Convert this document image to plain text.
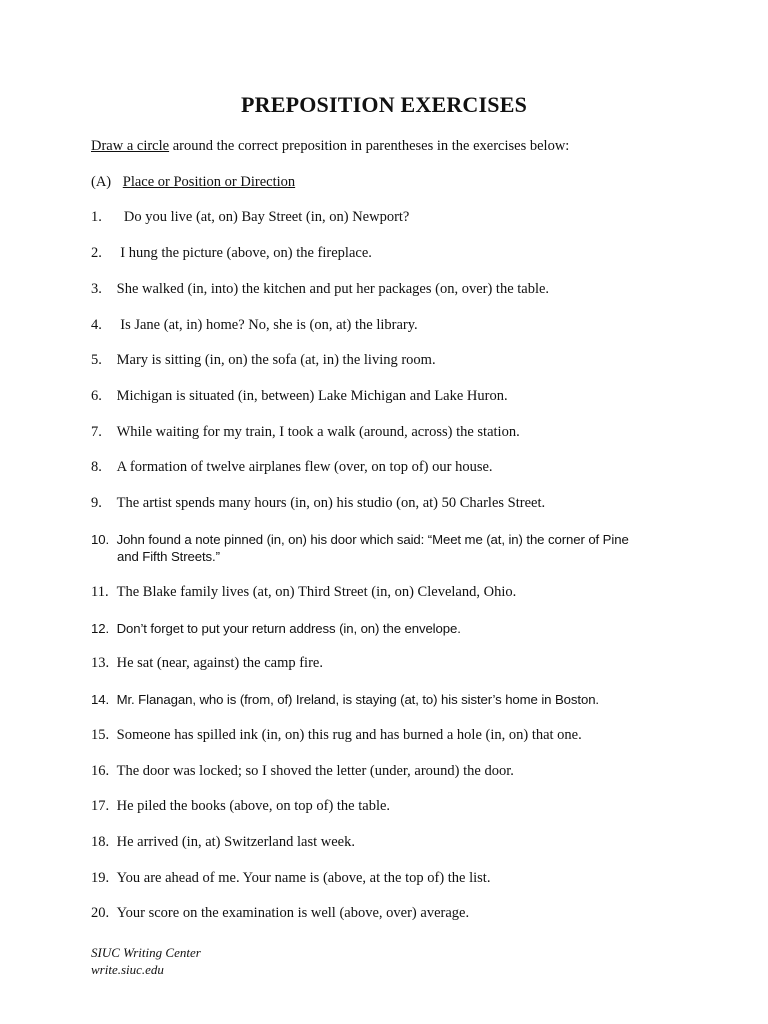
PREPOSITION EXERCISES
Draw a circle around the correct preposition in parentheses in the exercises below:
(A) Place or Position or Direction
1. Do you live (at, on) Bay Street (in, on) Newport?
2. I hung the picture (above, on) the fireplace.
3. She walked (in, into) the kitchen and put her packages (on, over) the table.
4. Is Jane (at, in) home? No, she is (on, at) the library.
5. Mary is sitting (in, on) the sofa (at, in) the living room.
6. Michigan is situated (in, between) Lake Michigan and Lake Huron.
7. While waiting for my train, I took a walk (around, across) the station.
8. A formation of twelve airplanes flew (over, on top of) our house.
9. The artist spends many hours (in, on) his studio (on, at) 50 Charles Street.
10. John found a note pinned (in, on) his door which said: “Meet me (at, in) the corner of Pine
and Fifth Streets.”
11. The Blake family lives (at, on) Third Street (in, on) Cleveland, Ohio.
12. Don’t forget to put your return address (in, on) the envelope.
13. He sat (near, against) the camp fire.
14. Mr. Flanagan, who is (from, of) Ireland, is staying (at, to) his sister’s home in Boston.
15. Someone has spilled ink (in, on) this rug and has burned a hole (in, on) that one.
16. The door was locked; so I shoved the letter (under, around) the door.
17. He piled the books (above, on top of) the table.
18. He arrived (in, at) Switzerland last week.
19. You are ahead of me. Your name is (above, at the top of) the list.
20. Your score on the examination is well (above, over) average.
SIUC Writing Center
write.siuc.edu
